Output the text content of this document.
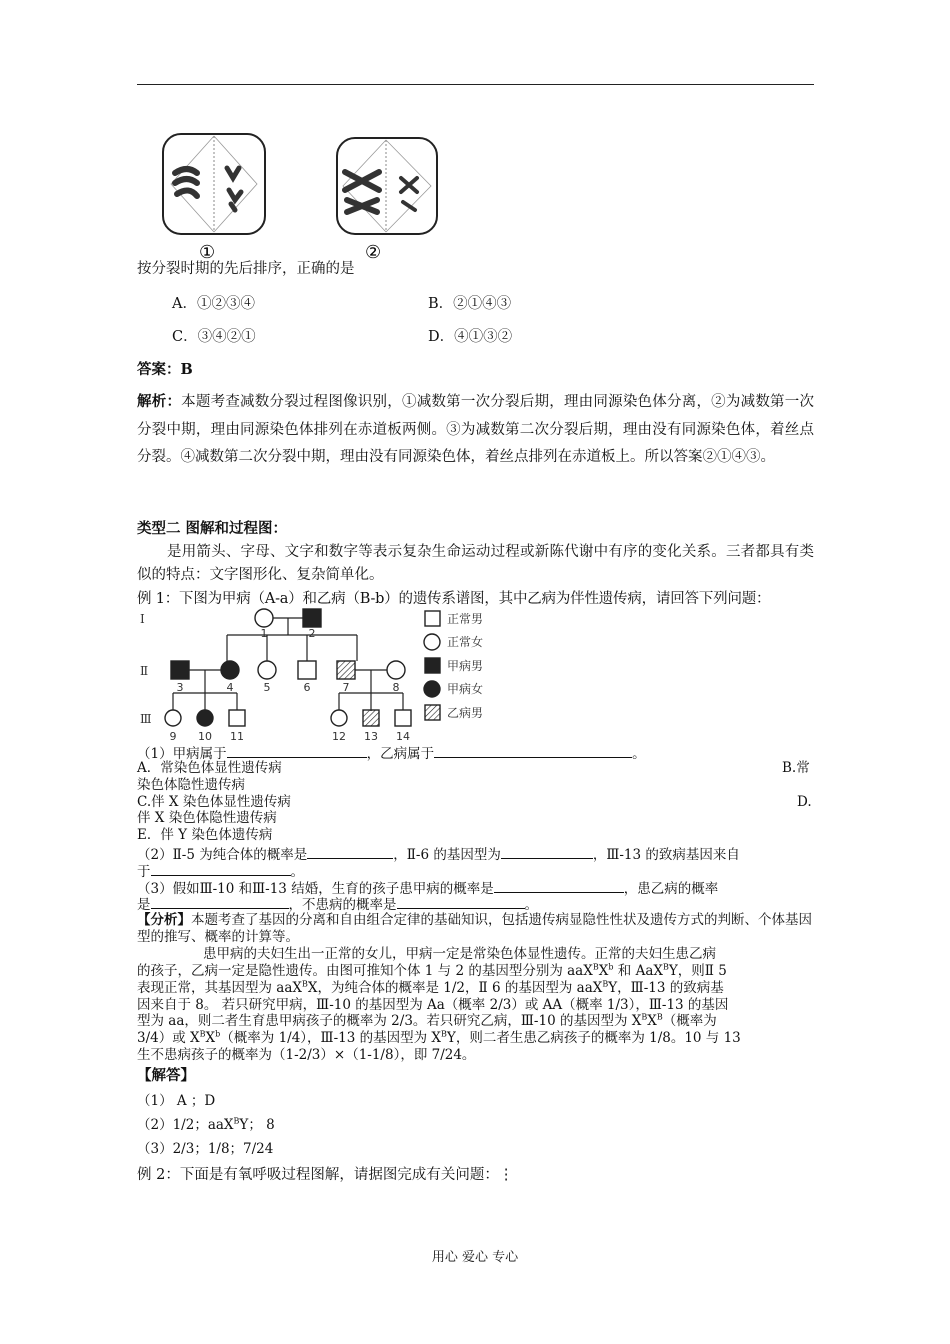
①	②
按分裂时期的先后排序，正确的是
A．①②③④	B．②①④③
C．③④②①	D．④①③②
答案：B
解析：本题考查减数分裂过程图像识别，①减数第一次分裂后期，理由同源染色体分离，②为减数第一次分裂中期，理由同源染色体排列在赤道板两侧。③为减数第二次分裂后期，理由没有同源染色体，着丝点分裂。④减数第二次分裂中期，理由没有同源染色体，着丝点排列在赤道板上。所以答案②①④③。
类型二 图解和过程图：
是用箭头、字母、文字和数字等表示复杂生命运动过程或新陈代谢中有序的变化关系。三者都具有类似的特点：文字图形化、复杂简单化。
例 1：下图为甲病（A-a）和乙病（B-b）的遗传系谱图，其中乙病为伴性遗传病，请回答下列问题：
Ⅰ
Ⅱ
Ⅲ
1	2
3	4	5	6	7	8
9 10 11	12 13 14
正常男
正常女
甲病男
甲病女
乙病男
（1）甲病属于	，乙病属于	。
A．常染色体显性遗传病	B.常
染色体隐性遗传病
C.伴 X 染色体显性遗传病	D.
伴 X 染色体隐性遗传病
E．伴 Y 染色体遗传病
（2）Ⅱ-5 为纯合体的概率是	，Ⅱ-6 的基因型为	，Ⅲ-13 的致病基因来自
于	。
（3）假如Ⅲ-10 和Ⅲ-13 结婚，生育的孩子患甲病的概率是	，患乙病的概率
是	，不患病的概率是	。
【分析】本题考查了基因的分离和自由组合定律的基础知识，包括遗传病显隐性性状及遗传方式的判断、个体基因型的推写、概率的计算等。
患甲病的夫妇生出一正常的女儿，甲病一定是常染色体显性遗传。正常的夫妇生患乙病
的孩子，乙病一定是隐性遗传。由图可推知个体 1 与 2 的基因型分别为 $aaX^BX^b$ 和 AaX$^B$Y，则Ⅱ 5
表现正常，其基因型为 aaX$^B$X，为纯合体的概率是 1/2，Ⅱ 6 的基因型为 aaX$^B$Y，Ⅲ-13 的致病基
因来自于 8。 若只研究甲病，Ⅲ-10 的基因型为 Aa（概率 2/3）或 AA（概率 1/3），Ⅲ-13 的基因
型为 aa，则二者生育患甲病孩子的概率为 2/3。若只研究乙病，Ⅲ-10 的基因型为 $X^BX^B$（概率为
3/4）或 $X^BX^b$（概率为 1/4），Ⅲ-13 的基因型为 $X^BY$，则二者生患乙病孩子的概率为 1/8。10 与 13
生不患病孩子的概率为（1-2/3）×（1-1/8），即 7/24。
【解答】
（1） A ；D
（2）1/2；aaX$^B$Y； 8
（3）2/3；1/8；7/24
例 2：下面是有氧呼吸过程图解，请据图完成有关问题：⋮
用心 爱心 专心
